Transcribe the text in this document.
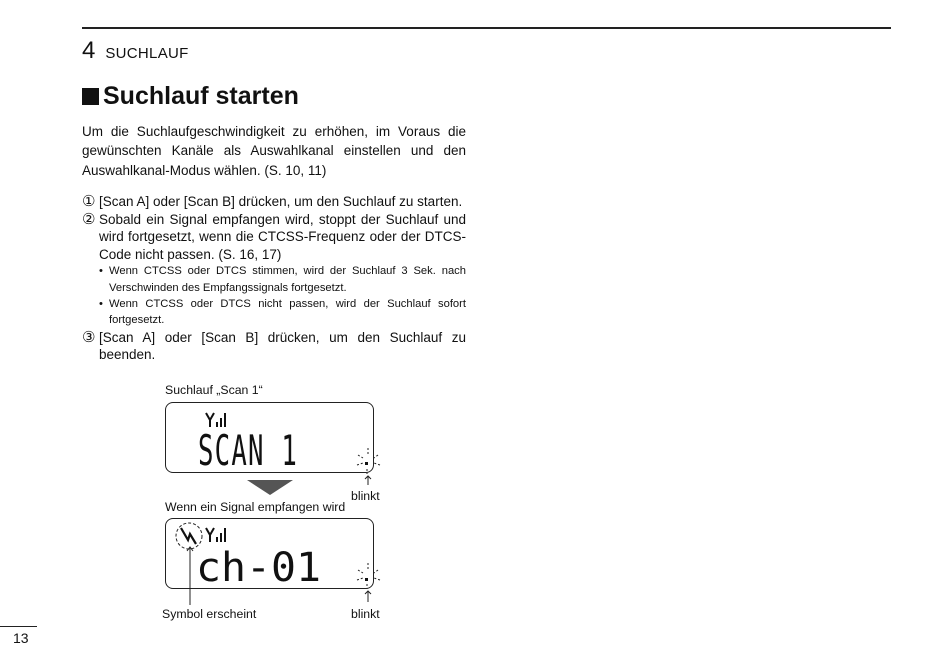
4 SUCHLAUF
Suchlauf starten

Um die Suchlaufgeschwindigkeit zu erhöhen, im Voraus die gewünschten Kanäle als Auswahlkanal einstellen und den Auswahlkanal-Modus wählen. (S. 10, 11)

① [Scan A] oder [Scan B] drücken, um den Suchlauf zu starten.
② Sobald ein Signal empfangen wird, stoppt der Suchlauf und wird fortgesetzt, wenn die CTCSS-Frequenz oder der DTCS-Code nicht passen. (S. 16, 17)
• Wenn CTCSS oder DTCS stimmen, wird der Suchlauf 3 Sek. nach Verschwinden des Empfangssignals fortgesetzt.
• Wenn CTCSS oder DTCS nicht passen, wird der Suchlauf sofort fortgesetzt.
③ [Scan A] oder [Scan B] drücken, um den Suchlauf zu beenden.
Suchlauf „Scan 1“
SCAN 1
blinkt
Wenn ein Signal empfangen wird
ch-01
Symbol erscheint	blinkt
13
